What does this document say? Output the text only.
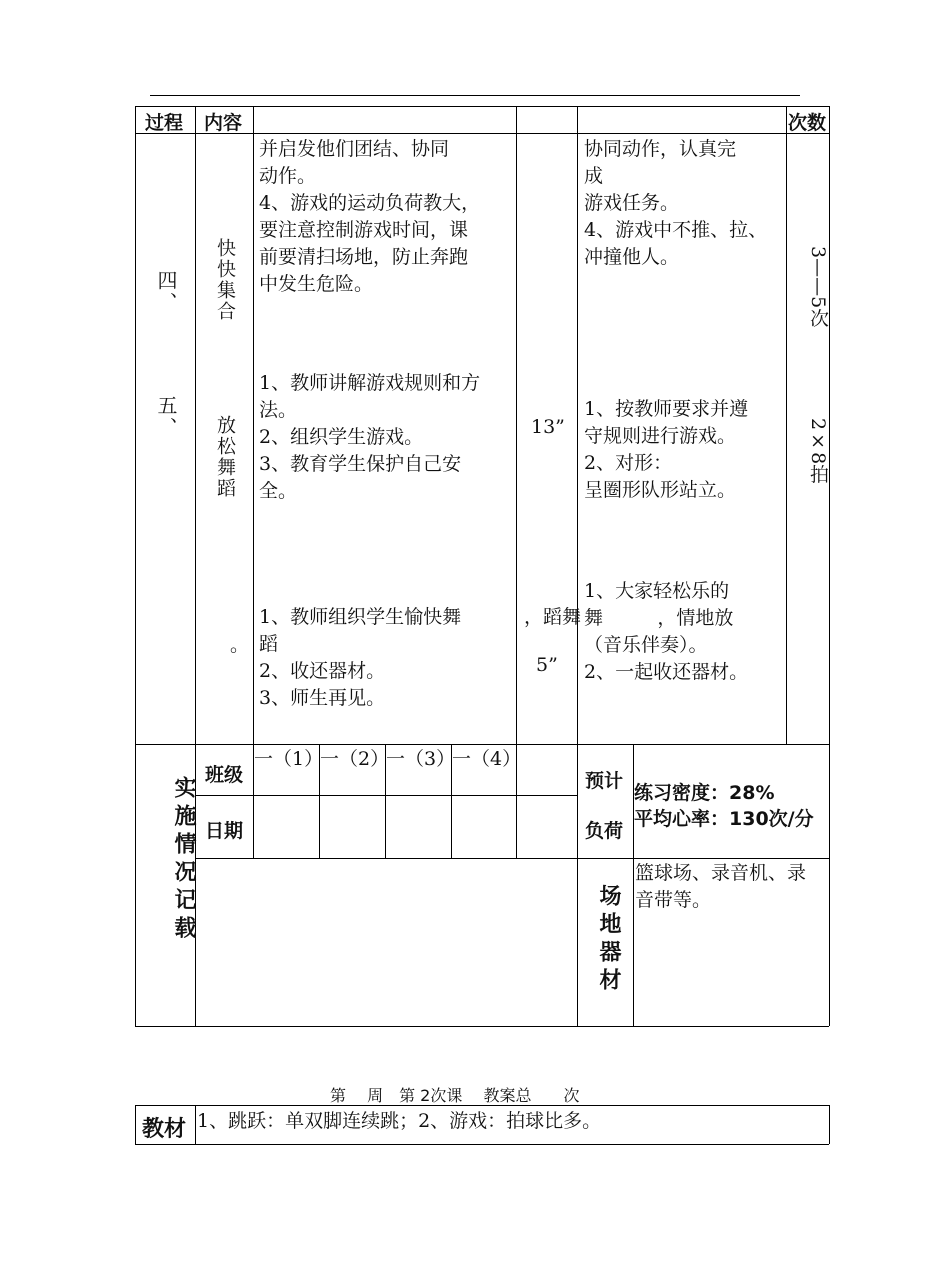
过程 内容	次数
四、
五、
快快集合
放松舞蹈
。
并启发他们团结、协同
动作。
4、游戏的运动负荷教大，
要注意控制游戏时间，课
前要清扫场地，防止奔跑
中发生危险。
1、教师讲解游戏规则和方
法。
2、组织学生游戏。
3、教育学生保护自己安
全。
1、教师组织学生愉快舞
蹈
2、收还器材。
3、师生再见。
13”
，蹈舞
5”
协同动作，认真完
成
游戏任务。
4、游戏中不推、拉、
冲撞他人。
1、按教师要求并遵
守规则进行游戏。
2、对形：
呈圈形队形站立。
1、大家轻松乐的
舞         ，情地放
（音乐伴奏）。
2、一起收还器材。
3——5次
2×8拍
实施情况记载
班级
日期
一（1）
一（2）
一（3）
一（4）
预计
负荷
练习密度：28%
平均心率：130次/分
场地器材
篮球场、录音机、录
音带等。
第　 周　第 2次课　 教案总　　次
教材 1、跳跃：单双脚连续跳；2、游戏：拍球比多。
